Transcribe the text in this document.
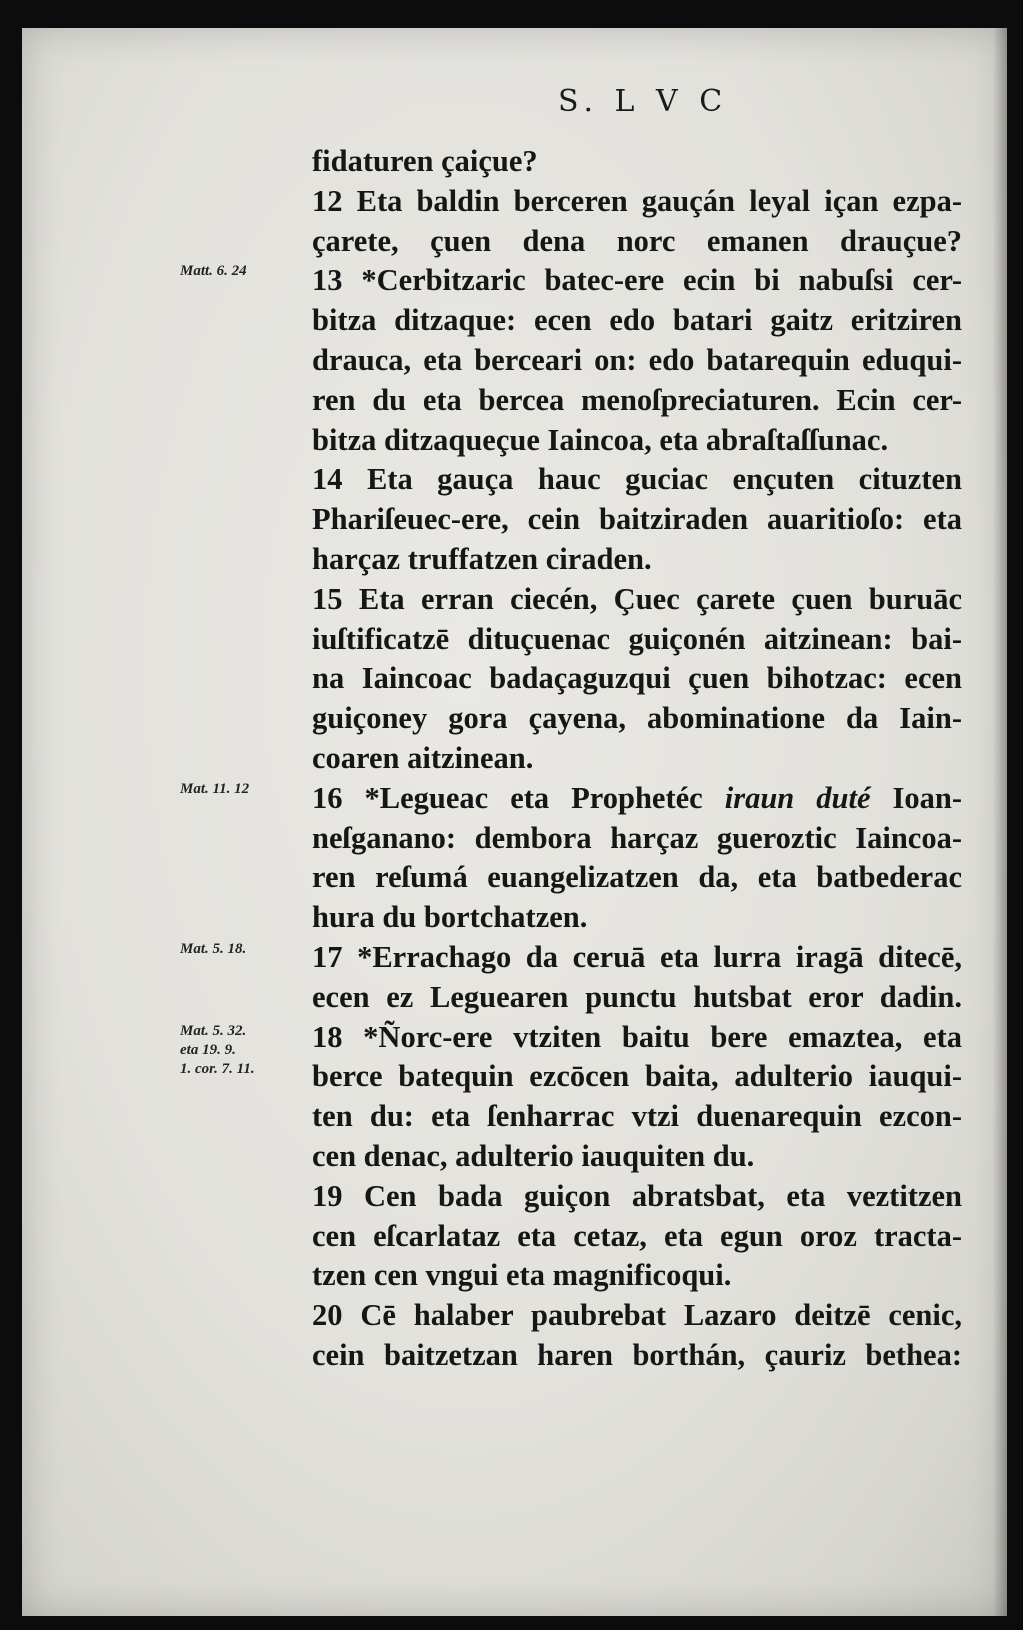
S. L V C
Matt. 6. 24
Mat. 11. 12
Mat. 5. 18.
Mat. 5. 32.
eta 19. 9.
1. cor. 7. 11.
fidaturen çaiçue?
12 Eta baldin berceren gauçán leyal içan ezpa-
çarete, çuen dena norc emanen drauçue?
13 *Cerbitzaric batec-ere ecin bi nabuſsi cer-
bitza ditzaque: ecen edo batari gaitz eritziren
drauca, eta berceari on: edo batarequin eduqui-
ren du eta bercea menoſpreciaturen. Ecin cer-
bitza ditzaqueçue Iaincoa, eta abraſtaſſunac.
14 Eta gauça hauc guciac ençuten cituzten
Phariſeuec-ere, cein baitziraden auaritioſo: eta
harçaz truffatzen ciraden.
15 Eta erran ciecén, Çuec çarete çuen buruāc
iuſtificatzē dituçuenac guiçonén aitzinean: bai-
na Iaincoac badaçaguzqui çuen bihotzac: ecen
guiçoney gora çayena, abominatione da Iain-
coaren aitzinean.
16 *Legueac eta Prophetéc iraun duté Ioan-
neſganano: dembora harçaz gueroztic Iaincoa-
ren reſumá euangelizatzen da, eta batbederac
hura du bortchatzen.
17 *Errachago da ceruā eta lurra iragā ditecē,
ecen ez Leguearen punctu hutsbat eror dadin.
18 *Ñorc-ere vtziten baitu bere emaztea, eta
berce batequin ezcōcen baita, adulterio iauqui-
ten du: eta ſenharrac vtzi duenarequin ezcon-
cen denac, adulterio iauquiten du.
19 Cen bada guiçon abratsbat, eta veztitzen
cen eſcarlataz eta cetaz, eta egun oroz tracta-
tzen cen vngui eta magnificoqui.
20 Cē halaber paubrebat Lazaro deitzē cenic,
cein baitzetzan haren borthán, çauriz bethea:
